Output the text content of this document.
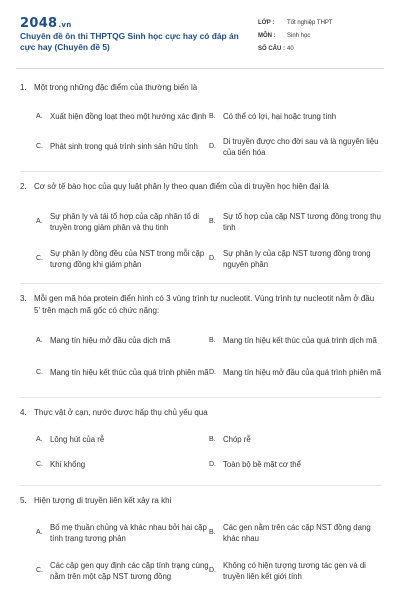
2048.vn
Chuyên đề ôn thi THPTQG Sinh học cực hay có đáp án cực hay (Chuyên đề 5)
LỚP :	Tốt nghiệp THPT
MÔN :	Sinh học
SỐ CÂU : 40
1. Một trong những đặc điểm của thường biến là
A. Xuất hiện đồng loạt theo một hướng xác định B. Có thể có lợi, hại hoặc trung tính
C. Phát sinh trong quá trình sinh sản hữu tính	D.
Di truyền được cho đời sau và là nguyên liệu của tiến hóa
2. Cơ sở tế bào học của quy luật phân ly theo quan điểm của di truyền học hiện đại là
A.
Sự phân ly và tái tổ hợp của cặp nhân tố di truyền trong giảm phân và thụ tinh
B.
Sự tổ hợp của cặp NST tương đồng trong thụ tinh
C.
Sự phân ly đồng đều của NST trong mỗi cặp tương đồng khi giảm phân
D.
Sự phân ly của cặp NST tương đồng trong nguyên phân
3. Mỗi gen mã hóa protein điển hình có 3 vùng trình tự nucleotit. Vùng trình tự nucleotit nằm ở đầu 5' trên mạch mã gốc có chức năng:
A. Mang tín hiệu mở đầu của dịch mã	B. Mang tín hiệu kết thúc của quá trình dịch mã
C. Mang tín hiệu kết thúc của quá trình phiên mã D. Mang tín hiệu mở đầu của quá trình phiên mã
4. Thực vật ở cạn, nước được hấp thụ chủ yếu qua
A. Lông hút của rễ	B. Chóp rễ
C. Khí khổng	D. Toàn bộ bề mặt cơ thể
5. Hiện tượng di truyền liên kết xảy ra khi
A.
Bố mẹ thuần chủng và khác nhau bởi hai cặp tính trạng tương phản
B.
Các gen nằm trên các cặp NST đồng dạng khác nhau
C.
Các cặp gen quy định các cặp tính trạng cùng nằm trên một cặp NST tương đồng
D.
Không có hiện tượng tương tác gen và di truyền liên kết giới tính
